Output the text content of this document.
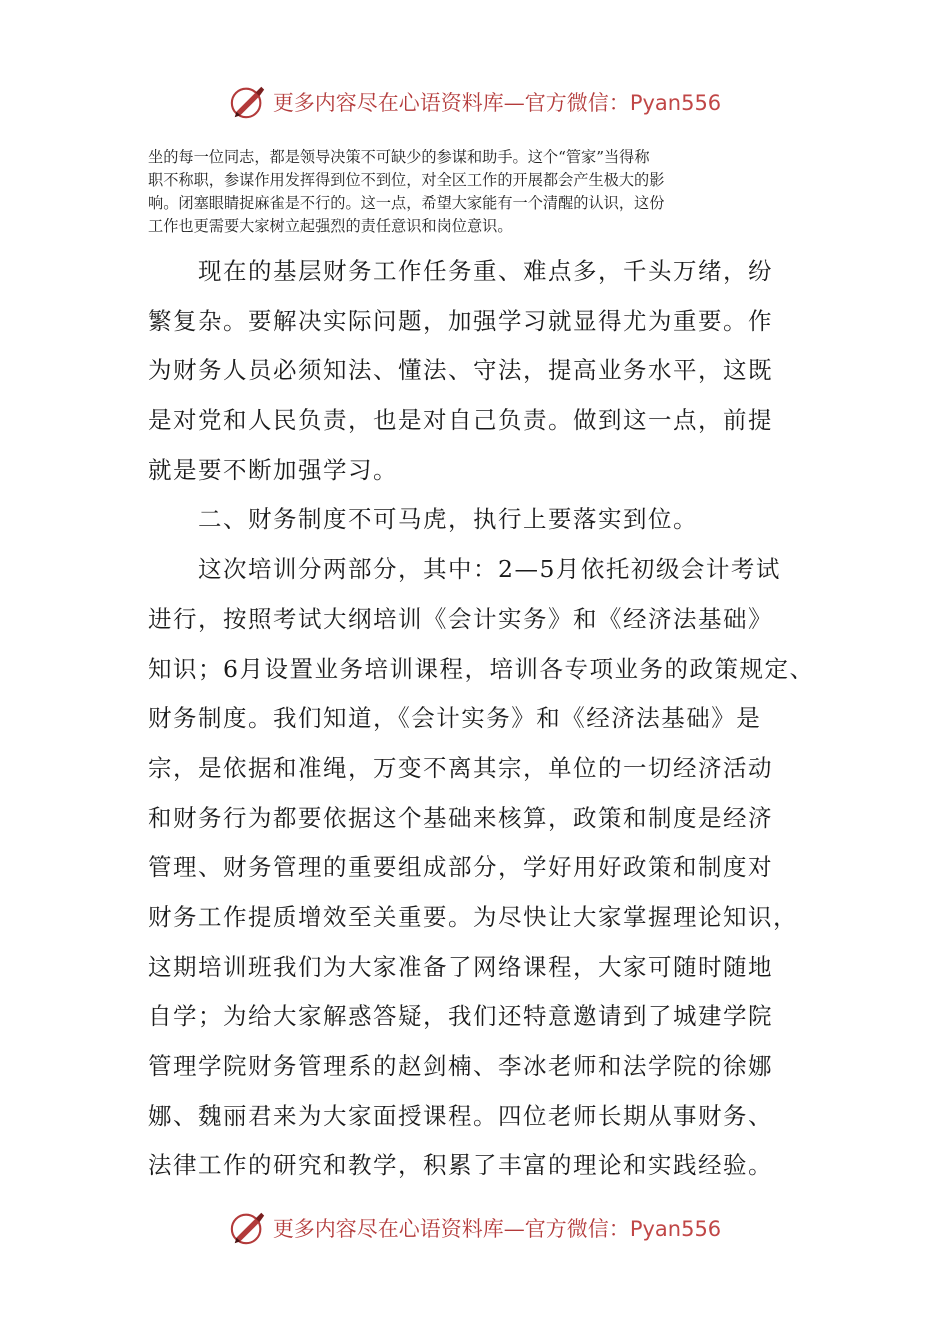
更多内容尽在心语资料库—官方微信：Pyan556

坐的每一位同志，都是领导决策不可缺少的参谋和助手。这个“管家”当得称
职不称职，参谋作用发挥得到位不到位，对全区工作的开展都会产生极大的影
响。闭塞眼睛捉麻雀是不行的。这一点，希望大家能有一个清醒的认识，这份
工作也更需要大家树立起强烈的责任意识和岗位意识。

　　现在的基层财务工作任务重、难点多，千头万绪，纷
繁复杂。要解决实际问题，加强学习就显得尤为重要。作
为财务人员必须知法、懂法、守法，提高业务水平，这既
是对党和人民负责，也是对自己负责。做到这一点，前提
就是要不断加强学习。
　　二、财务制度不可马虎，执行上要落实到位。
　　这次培训分两部分，其中：2—5月依托初级会计考试
进行，按照考试大纲培训《会计实务》和《经济法基础》
知识；6月设置业务培训课程，培训各专项业务的政策规定、
财务制度。我们知道，《会计实务》和《经济法基础》是
宗，是依据和准绳，万变不离其宗，单位的一切经济活动
和财务行为都要依据这个基础来核算，政策和制度是经济
管理、财务管理的重要组成部分，学好用好政策和制度对
财务工作提质增效至关重要。为尽快让大家掌握理论知识，
这期培训班我们为大家准备了网络课程，大家可随时随地
自学；为给大家解惑答疑，我们还特意邀请到了城建学院
管理学院财务管理系的赵剑楠、李冰老师和法学院的徐娜
娜、魏丽君来为大家面授课程。四位老师长期从事财务、
法律工作的研究和教学，积累了丰富的理论和实践经验。
更多内容尽在心语资料库—官方微信：Pyan556
